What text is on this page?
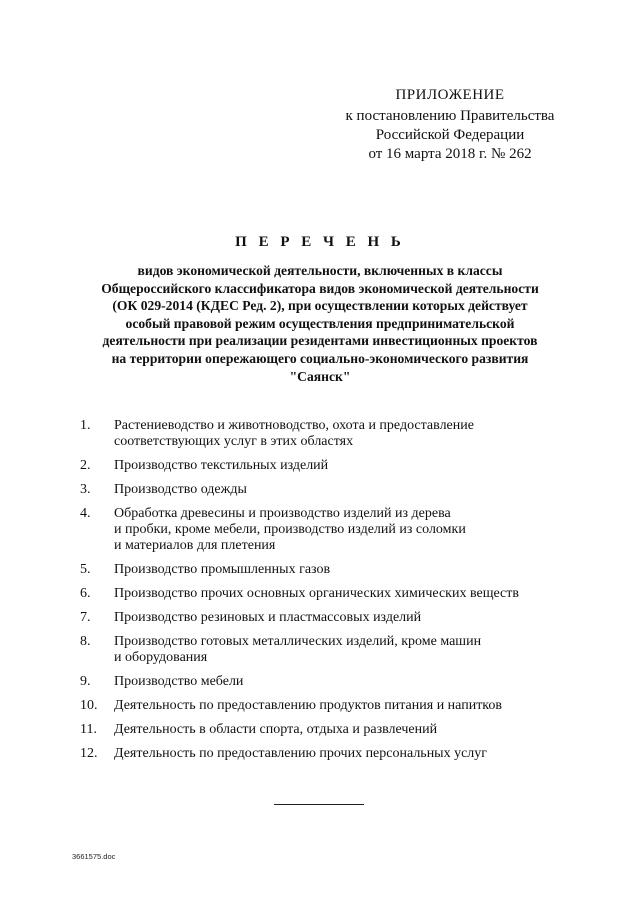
ПРИЛОЖЕНИЕ
к постановлению Правительства
Российской Федерации
от 16 марта 2018 г. № 262
П Е Р Е Ч Е Н Ь
видов экономической деятельности, включенных в классы
Общероссийского классификатора видов экономической деятельности
(ОК 029-2014 (КДЕС Ред. 2), при осуществлении которых действует
особый правовой режим осуществления предпринимательской
деятельности при реализации резидентами инвестиционных проектов
на территории опережающего социально-экономического развития
"Саянск"
1.	Растениеводство и животноводство, охота и предоставление
соответствующих услуг в этих областях
2.	Производство текстильных изделий
3.	Производство одежды
4.	Обработка древесины и производство изделий из дерева
и пробки, кроме мебели, производство изделий из соломки
и материалов для плетения
5.	Производство промышленных газов
6.	Производство прочих основных органических химических веществ
7.	Производство резиновых и пластмассовых изделий
8.	Производство готовых металлических изделий, кроме машин
и оборудования
9.	Производство мебели
10.	Деятельность по предоставлению продуктов питания и напитков
11.	Деятельность в области спорта, отдыха и развлечений
12.	Деятельность по предоставлению прочих персональных услуг
3661575.doc
